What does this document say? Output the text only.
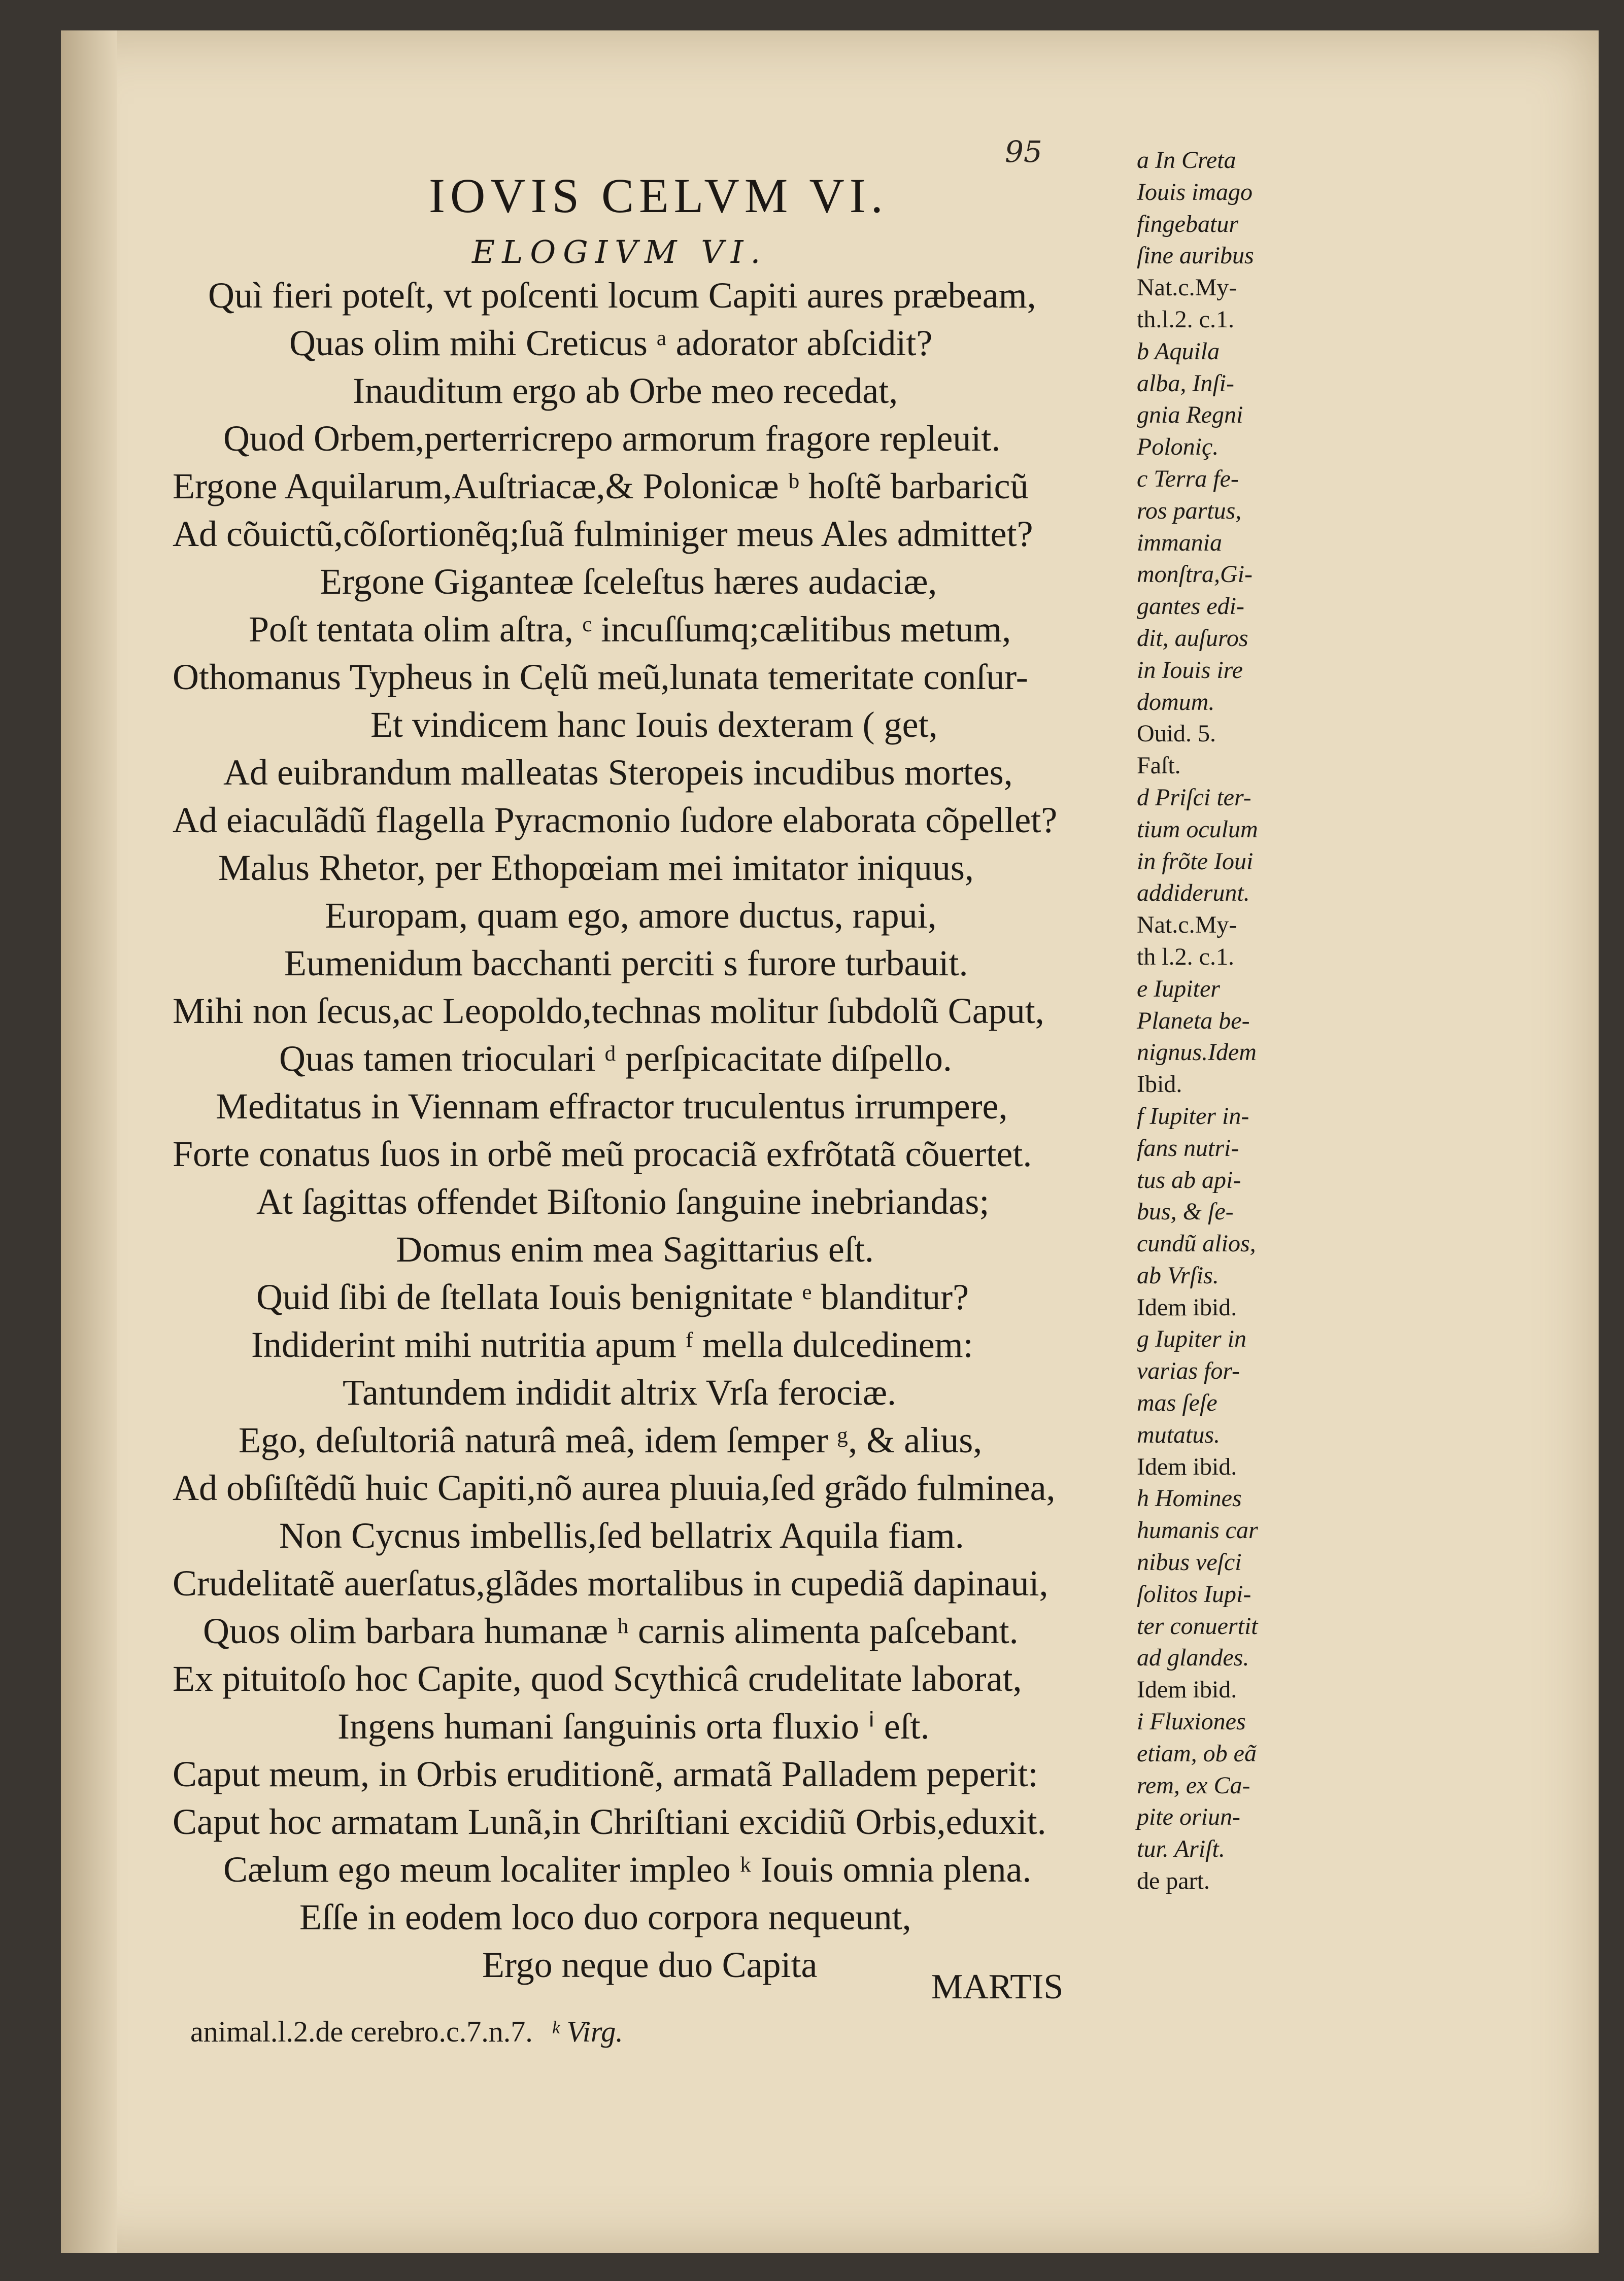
95
IOVIS CELVM VI.
ELOGIVM VI.
Quì fieri poteſt, vt poſcenti locum Capiti aures præbeam,
Quas olim mihi Creticus ᵃ adorator abſcidit?
Inauditum ergo ab Orbe meo recedat,
Quod Orbem,perterricrepo armorum fragore repleuit.
Ergone Aquilarum,Auſtriacæ,& Polonicæ ᵇ hoſtẽ barbaricũ
Ad cõuictũ,cõſortionẽq;ſuã fulminiger meus Ales admittet?
Ergone Giganteæ ſceleſtus hæres audaciæ,
Poſt tentata olim aſtra, ᶜ incuſſumq;cælitibus metum,
Othomanus Typheus in Cęlũ meũ,lunata temeritate conſur-
Et vindicem hanc Iouis dexteram ( get,
Ad euibrandum malleatas Steropeis incudibus mortes,
Ad eiaculãdũ flagella Pyracmonio ſudore elaborata cõpellet?
Malus Rhetor, per Ethopœiam mei imitator iniquus,
Europam, quam ego, amore ductus, rapui,
Eumenidum bacchanti perciti s furore turbauit.
Mihi non ſecus,ac Leopoldo,technas molitur ſubdolũ Caput,
Quas tamen trioculari ᵈ perſpicacitate diſpello.
Meditatus in Viennam effractor truculentus irrumpere,
Forte conatus ſuos in orbẽ meũ procaciã exfrõtatã cõuertet.
At ſagittas offendet Biſtonio ſanguine inebriandas;
Domus enim mea Sagittarius eſt.
Quid ſibi de ſtellata Iouis benignitate ᵉ blanditur?
Indiderint mihi nutritia apum ᶠ mella dulcedinem:
Tantundem indidit altrix Vrſa ferociæ.
Ego, deſultoriâ naturâ meâ, idem ſemper ᵍ, & alius,
Ad obſiſtẽdũ huic Capiti,nõ aurea pluuia,ſed grãdo fulminea,
Non Cycnus imbellis,ſed bellatrix Aquila fiam.
Crudelitatẽ auerſatus,glãdes mortalibus in cupediã dapinaui,
Quos olim barbara humanæ ʰ carnis alimenta paſcebant.
Ex pituitoſo hoc Capite, quod Scythicâ crudelitate laborat,
Ingens humani ſanguinis orta fluxio ⁱ eſt.
Caput meum, in Orbis eruditionẽ, armatã Palladem peperit:
Caput hoc armatam Lunã,in Chriſtiani excidiũ Orbis,eduxit.
Cælum ego meum localiter impleo ᵏ Iouis omnia plena.
Eſſe in eodem loco duo corpora nequeunt,
Ergo neque duo Capita
MARTIS
animal.l.2.de cerebro.c.7.n.7. ᵏ Virg.
a In Creta
Iouis imago
fingebatur
ſine auribus
Nat.c.My-
th.l.2. c.1.
b Aquila
alba, Inſi-
gnia Regni
Poloniç.
c Terra fe-
ros partus,
immania
monſtra,Gi-
gantes edi-
dit, auſuros
in Iouis ire
domum.
Ouid. 5.
Faſt.
d Priſci ter-
tium oculum
in frõte Ioui
addiderunt.
Nat.c.My-
th l.2. c.1.
e Iupiter
Planeta be-
nignus.Idem
Ibid.
f Iupiter in-
fans nutri-
tus ab api-
bus, & ſe-
cundũ alios,
ab Vrſis.
Idem ibid.
g Iupiter in
varias for-
mas ſeſe
mutatus.
Idem ibid.
h Homines
humanis car
nibus veſci
ſolitos Iupi-
ter conuertit
ad glandes.
Idem ibid.
i Fluxiones
etiam, ob eã
rem, ex Ca-
pite oriun-
tur. Ariſt.
de part.
